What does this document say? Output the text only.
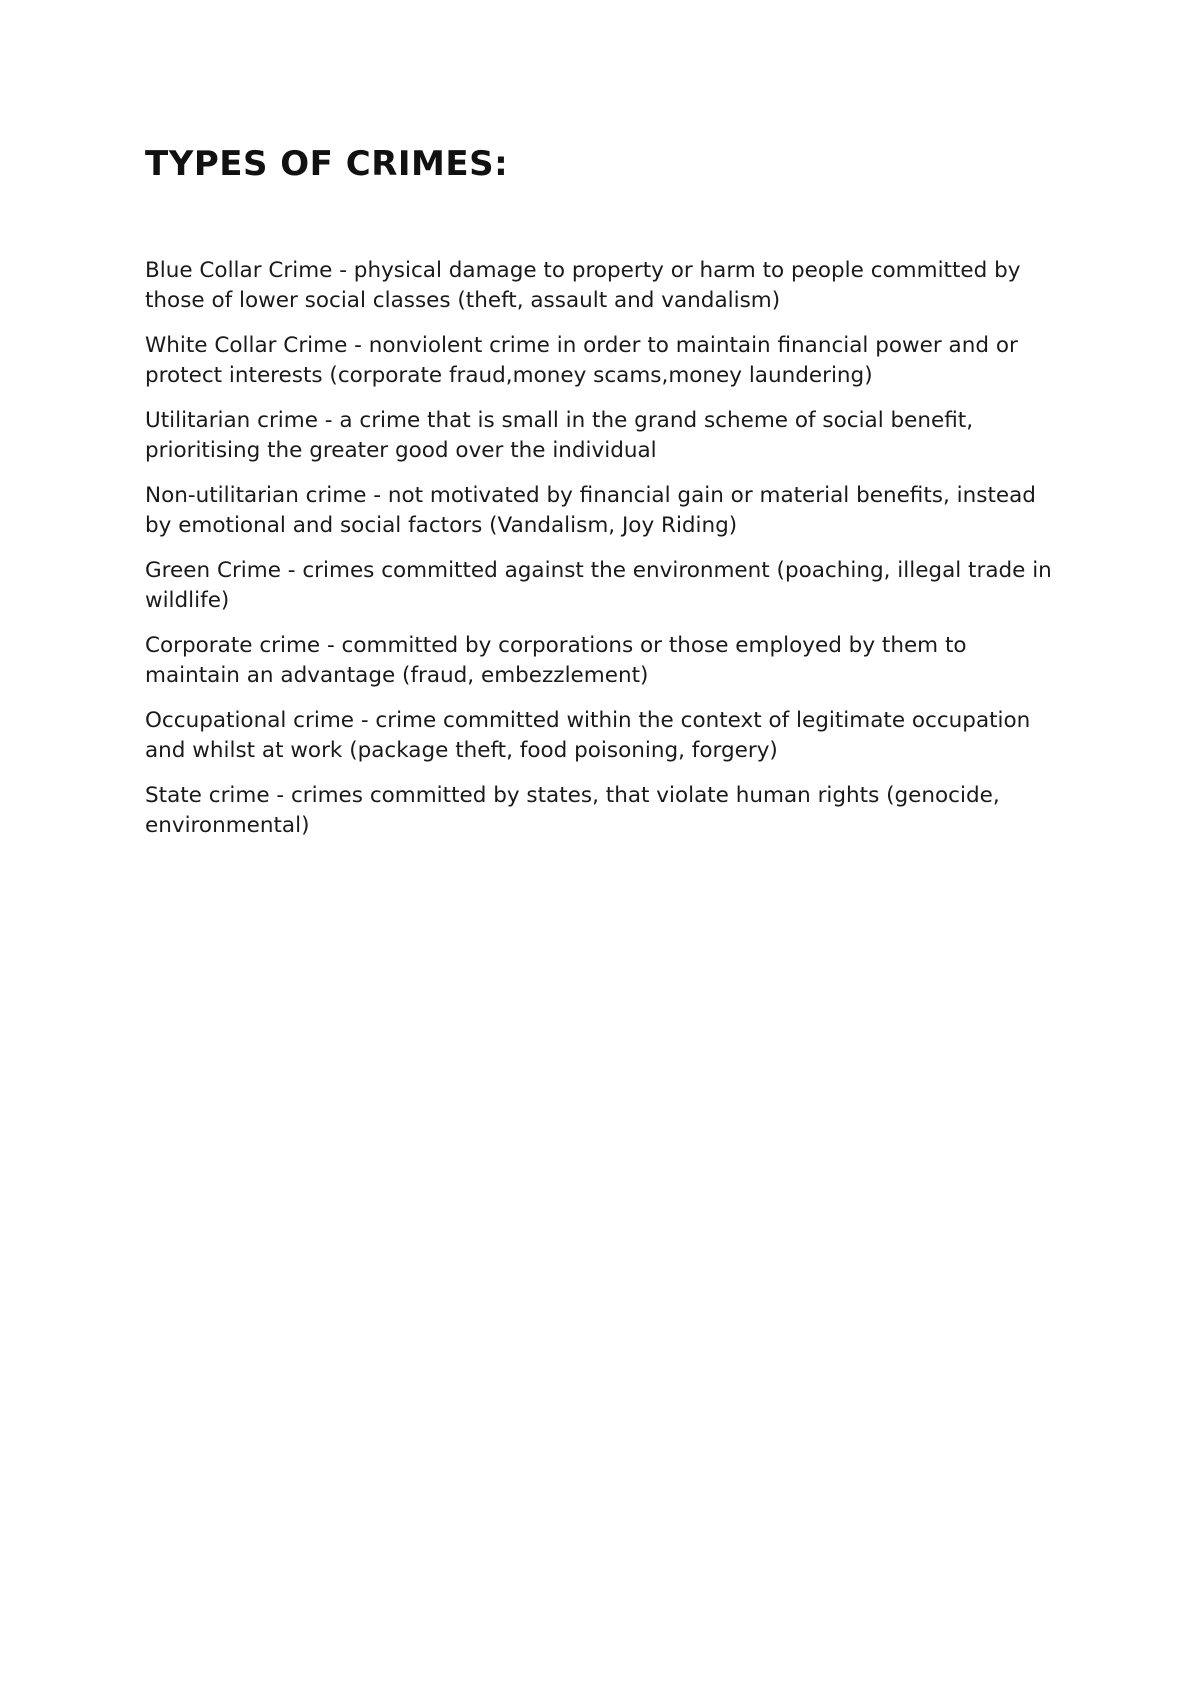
TYPES OF CRIMES:
Blue Collar Crime - physical damage to property or harm to people committed by those of lower social classes (theft, assault and vandalism)
White Collar Crime - nonviolent crime in order to maintain financial power and or protect interests (corporate fraud,money scams,money laundering)
Utilitarian crime - a crime that is small in the grand scheme of social benefit, prioritising the greater good over the individual
Non-utilitarian crime - not motivated by financial gain or material benefits, instead by emotional and social factors (Vandalism, Joy Riding)
Green Crime - crimes committed against the environment (poaching, illegal trade in wildlife)
Corporate crime - committed by corporations or those employed by them to maintain an advantage (fraud, embezzlement)
Occupational crime - crime committed within the context of legitimate occupation and whilst at work (package theft, food poisoning, forgery)
State crime - crimes committed by states, that violate human rights (genocide, environmental)
